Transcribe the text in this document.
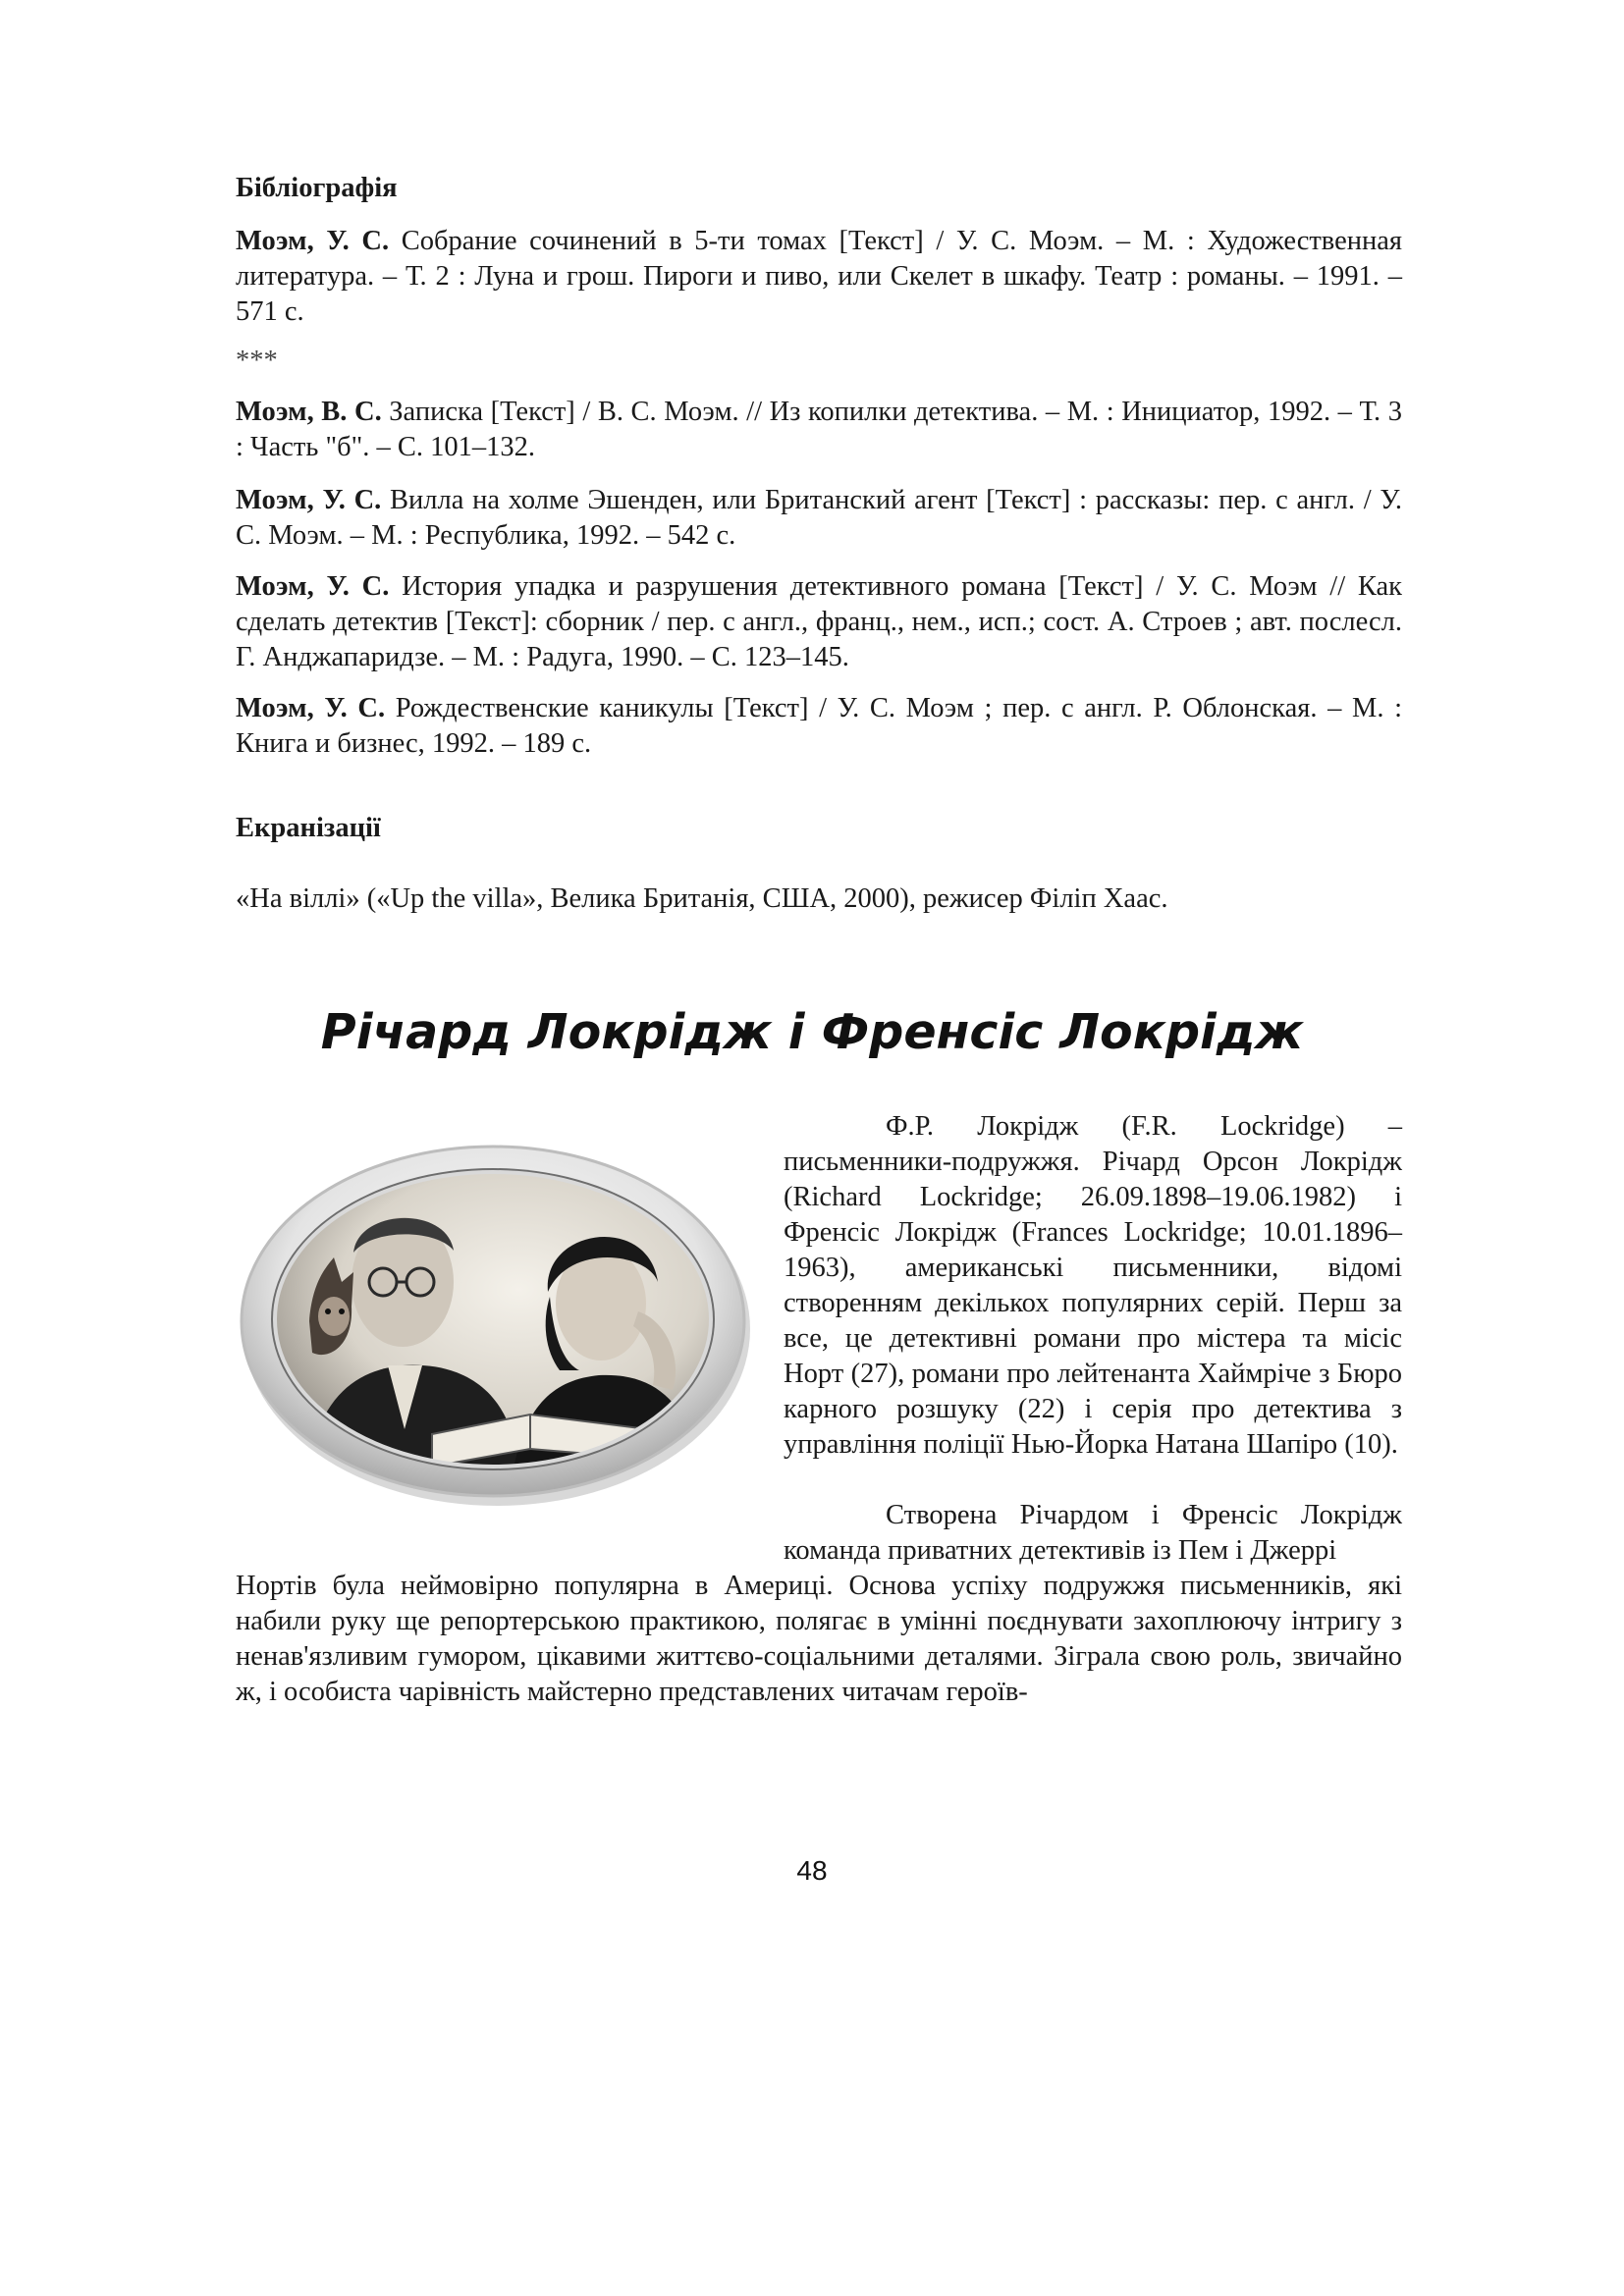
Бібліографія

Моэм, У. С. Собрание сочинений в 5-ти томах [Текст] / У. С. Моэм. – М. : Художественная литература. – Т. 2 : Луна и грош. Пироги и пиво, или Скелет в шкафу. Театр : романы. – 1991. – 571 с.

***

Моэм, В. С. Записка [Текст] / В. С. Моэм. // Из копилки детектива. – М. : Инициатор, 1992. – Т. 3 : Часть "б". – С. 101–132.

Моэм, У. С. Вилла на холме Эшенден, или Британский агент [Текст] : рассказы: пер. с англ. / У. С. Моэм. – М. : Республика, 1992. – 542 с.

Моэм, У. С. История упадка и разрушения детективного романа [Текст] / У. С. Моэм // Как сделать детектив [Текст]: сборник / пер. с англ., франц., нем., исп.; сост. А. Строев ; авт. послесл. Г. Анджапаридзе. – М. : Радуга, 1990. – С. 123–145.

Моэм, У. С. Рождественские каникулы [Текст] / У. С. Моэм ; пер. с англ. Р. Облонская. – М. : Книга и бизнес, 1992. – 189 с.

Екранізації
«На віллі» («Up the villa», Велика Британія, США, 2000), режисер Філіп Хаас.
Річард Локрідж і Френсіс Локрідж

Ф.Р. Локрідж (F.R. Lockridge) – письменники-подружжя. Річард Орсон Локрідж (Richard Lockridge; 26.09.1898–19.06.1982) і Френсіс Локрідж (Frances Lockridge; 10.01.1896–1963), американські письменники, відомі створенням декількох популярних серій. Перш за все, це детективні романи про містера та місіс Норт (27), романи про лейтенанта Хаймріче з Бюро карного розшуку (22) і серія про детектива з управління поліції Нью-Йорка Натана Шапіро (10).

Створена Річардом і Френсіс Локрідж команда приватних детективів із Пем і Джеррі

Нортів була неймовірно популярна в Америці. Основа успіху подружжя письменників, які набили руку ще репортерською практикою, полягає в умінні поєднувати захоплюючу інтригу з ненав'язливим гумором, цікавими життєво-соціальними деталями. Зіграла свою роль, звичайно ж, і особиста чарівність майстерно представлених читачам героїв-

48
